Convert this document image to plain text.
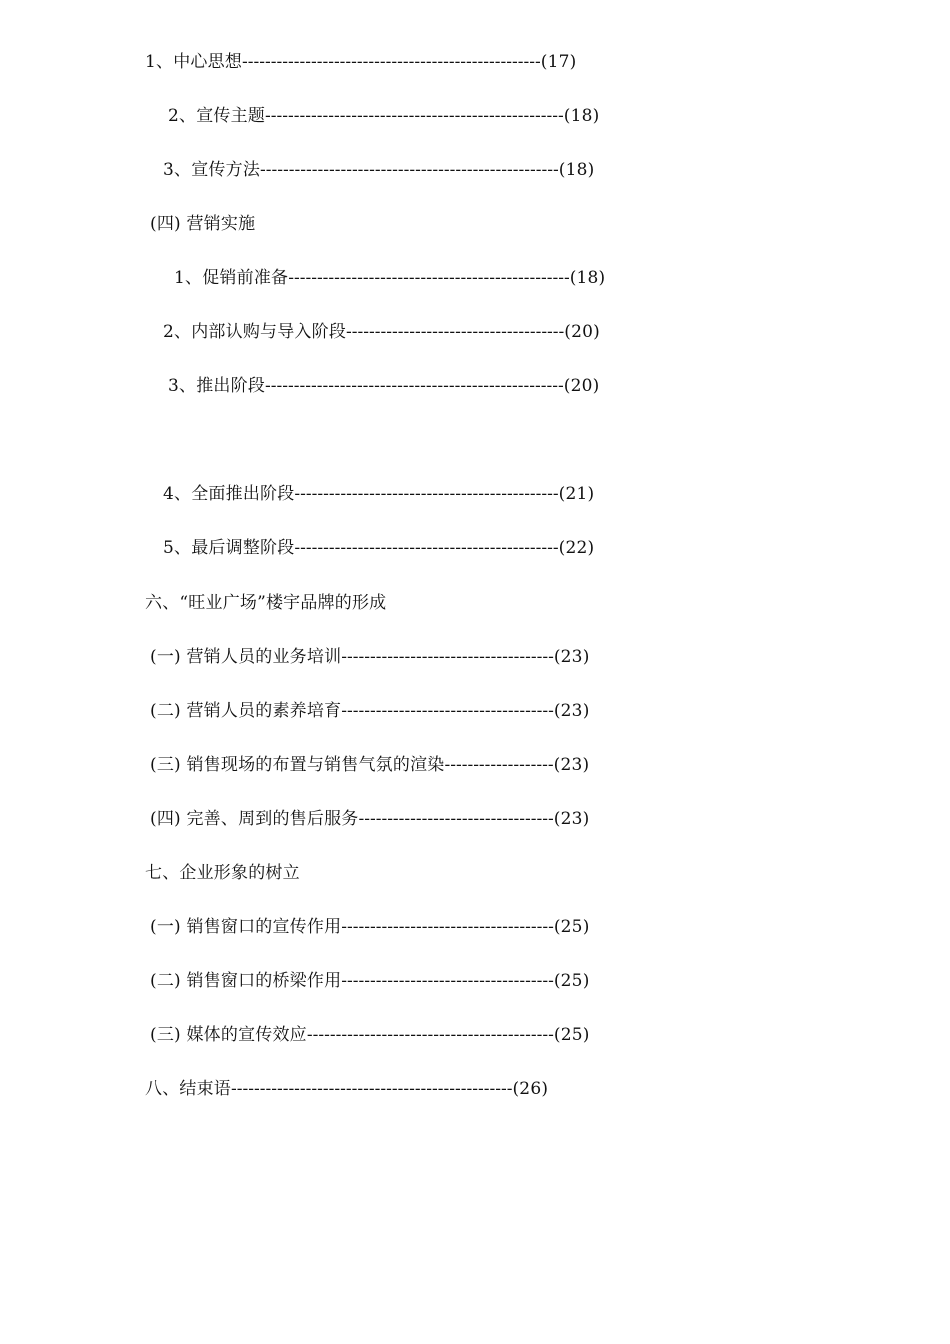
1、中心思想----------------------------------------------------(17)
2、宣传主题----------------------------------------------------(18)
3、宣传方法----------------------------------------------------(18)
(四) 营销实施
1、促销前准备-------------------------------------------------(18)
2、内部认购与导入阶段--------------------------------------(20)
3、推出阶段----------------------------------------------------(20)
4、全面推出阶段----------------------------------------------(21)
5、最后调整阶段----------------------------------------------(22)
六、“旺业广场”楼宇品牌的形成
(一) 营销人员的业务培训-------------------------------------(23)
(二) 营销人员的素养培育-------------------------------------(23)
(三) 销售现场的布置与销售气氛的渲染-------------------(23)
(四) 完善、周到的售后服务----------------------------------(23)
七、企业形象的树立
(一) 销售窗口的宣传作用-------------------------------------(25)
(二) 销售窗口的桥梁作用-------------------------------------(25)
(三) 媒体的宣传效应-------------------------------------------(25)
八、结束语-------------------------------------------------(26)
